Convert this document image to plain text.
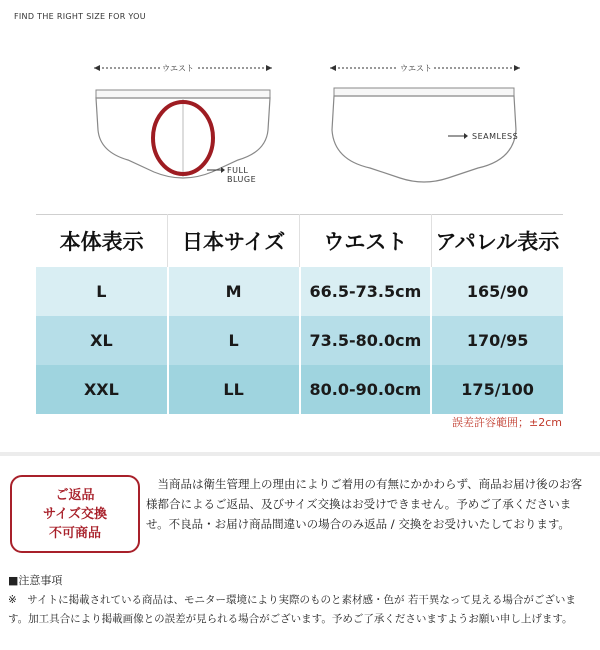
FIND THE RIGHT SIZE FOR YOU
ウエスト
FULL BLUGE
ウエスト
SEAMLESS
本体表示	日本サイズ	ウエスト	アパレル表示
L	M	66.5-73.5cm	165/90
XL	L	73.5-80.0cm	170/95
XXL	LL	80.0-90.0cm	175/100
誤差許容範囲；±2cm
ご返品
サイズ交換
不可商品
当商品は衛生管理上の理由によりご着用の有無にかかわらず、商品お届け後のお客様都合によるご返品、及びサイズ交換はお受けできません。予めご了承くださいませ。不良品・お届け商品間違いの場合のみ返品 / 交換をお受けいたしております。
■注意事項
※　サイトに掲載されている商品は、モニター環境により実際のものと素材感・色が 若干異なって見える場合がございます。加工具合により掲載画像との誤差が見られる場合がございます。予めご了承くださいますようお願い申し上げます。
